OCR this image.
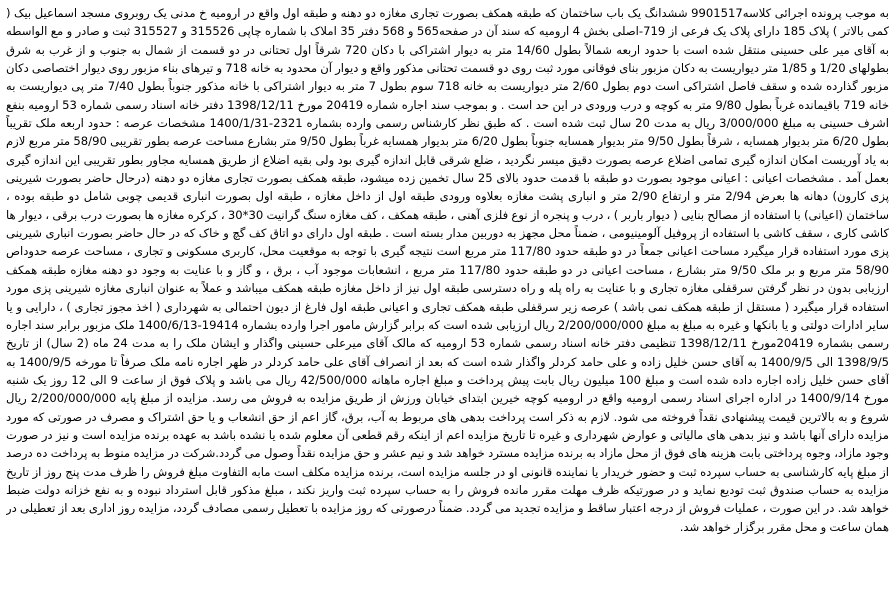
به موجب پرونده اجرائی کلاسه9901517 ششدانگ یک باب ساختمان که طبقه همکف بصورت تجاری مغازه دو دهنه و طبقه اول واقع در ارومیه خ مدنی یک روبروی مسجد اسماعیل بیک ( کمی بالاتر ) پلاک 185 دارای پلاک یک فرعی از 719-اصلی بخش 4 ارومیه که سند آن در صفحه565 و 568 دفتر 35 املاک با شماره چاپی 315526 و 315527 ثبت و صادر و مع الواسطه به آقای میر علی حسینی منتقل شده است با حدود اربعه شمالاً بطول 14/60 متر به دیوار اشتراکی با دکان 720 شرقاً اول تحتانی در دو قسمت از شمال به جنوب و از غرب به شرق بطولهای 1/20 و 1/85 متر دیواریست به دکان مزبور بنای فوقانی مورد ثبت روی دو قسمت تحتانی مذکور واقع و دیوار آن محدود به خانه 718 و تیرهای بناء مزبور روی دیوار اختصاصی دکان مزبور گذارده شده و سقف فاصل اشتراکی است دوم بطول 2/60 متر دیواریست به خانه 718 سوم بطول 7 متر به دیوار اشتراکی با خانه مذکور جنوباً بطول 7/40 متر پی دیواریست به خانه 719 باقیمانده غرباً بطول 9/80 متر به کوچه و درب ورودی در این حد است . و بموجب سند اجاره شماره 20419 مورخ 1398/12/11 دفتر خانه اسناد رسمی شماره 53 ارومیه بنفع اشرف حسینی به مبلغ 3/000/000 ریال به مدت 20 سال ثبت شده است . که طبق نظر کارشناس رسمی وارده بشماره 2321-1400/1/31 مشخصات عرصه : حدود اربعه ملک تقریباً بطول 6/20 متر بدیوار همسایه ، شرقاً بطول 9/50 متر بدیوار همسایه جنوباً بطول 6/20 متر بدیوار همسایه غرباً بطول 9/50 متر بشارع مساحت عرصه بطور تقریبی 58/90 متر مربع لازم به یاد آوریست امکان اندازه گیری تمامی اضلاع عرصه بصورت دقیق میسر نگردید ، ضلع شرقی قابل اندازه گیری بود ولی بقیه اضلاع از طریق همسایه مجاور بطور تقریبی این اندازه گیری بعمل آمد . مشخصات اعیانی : اعیانی موجود بصورت دو طبقه با قدمت حدود بالای 25 سال تخمین زده میشود، طبقه همکف بصورت تجاری مغازه دو دهنه (درحال حاضر بصورت شیرینی پزی کارون) دهانه ها بعرض 2/94 متر و ارتفاع 2/90 متر و انباری پشت مغازه بعلاوه ورودی طبقه اول از داخل مغازه ، طبقه اول بصورت انباری قدیمی چوبی شامل دو طبقه بوده ، ساختمان (اعیانی) با استفاده از مصالح بنایی ( دیوار باربر ) ، درب و پنجره از نوع فلزی آهنی ، طبقه همکف ، کف مغازه سنگ گرانیت 30*30 ، کرکره مغازه ها بصورت درب برقی ، دیوار ها کاشی کاری ، سقف کاشی با استفاده از پروفیل آلومینیومی ، ضمناً محل مجهز به دوربین مدار بسته است . طبقه اول دارای دو اتاق کف گچ و خاک که در حال حاضر بصورت انباری شیرینی پزی مورد استفاده قرار میگیرد مساحت اعیانی جمعاً در دو طبقه حدود 117/80 متر مربع است نتیجه گیری با توجه به موقعیت محل، کاربری مسکونی و تجاری ، مساحت عرصه حدوداص 58/90 متر مربع و بر ملک 9/50 متر بشارع ، مساحت اعیانی در دو طبقه حدود 117/80 متر مربع ، انشعابات موجود آب ، برق ، و گاز و با عنایت به وجود دو دهنه مغازه طبقه همکف ارزیابی بدون در نظر گرفتن سرقفلی مغازه تجاری و با عنایت به راه پله و راه دسترسی طبقه اول نیز از داخل مغازه طبقه همکف میباشد و عملاً به عنوان انباری مغازه شیرینی پزی مورد استفاده قرار میگیرد ( مستقل از طبقه همکف نمی باشد ) عرصه زیر سرقفلی طبقه همکف تجاری و اعیانی طبقه اول فارغ از دیون احتمالی به شهرداری ( اخذ مجوز تجاری ) ، دارایی و یا سایر ادارات دولتی و یا بانکها و غیره به مبلغ به مبلغ 2/200/000/000 ریال ارزیابی شده است که برابر گزارش مامور اجرا وارده بشماره 19414-1400/6/13 ملک مزبور برابر سند اجاره رسمی بشماره 20419مورخ 1398/12/11 تنظیمی دفتر خانه اسناد رسمی شماره 53 ارومیه که مالک آقای میرعلی حسینی واگذار و ایشان ملک را به مدت 24 ماه (2 سال) از تاریخ 1398/9/5 الی 1400/9/5 به آقای حسن خلیل زاده و علی حامد کردلر واگذار شده است که بعد از انصراف آقای علی حامد کردلر در ظهر اجاره نامه ملک صرفاً تا مورخه 1400/9/5 به آقای حسن خلیل زاده اجاره داده شده است و مبلغ 100 میلیون ریال بابت پیش پرداخت و مبلغ اجاره ماهانه 42/500/000 ریال می باشد و پلاک فوق از ساعت 9 الی 12 روز یک شنبه مورخ 1400/9/14 در اداره اجرای اسناد رسمی ارومیه واقع در ارومیه کوچه خیرین ابتدای خیابان ورزش از طریق مزایده به فروش می رسد. مزایده از مبلغ پایه 2/200/000/000 ریال شروع و به بالاترین قیمت پیشنهادی نقداً فروخته می شود. لازم به ذکر است پرداخت بدهی های مربوط به آب، برق، گاز اعم از حق انشعاب و یا حق اشتراک و مصرف در صورتی که مورد مزایده دارای آنها باشد و نیز بدهی های مالیاتی و عوارض شهرداری و غیره تا تاریخ مزایده اعم از اینکه رقم قطعی آن معلوم شده یا نشده باشد به عهده برنده مزایده است و نیز در صورت وجود مازاد، وجوه پرداختی بابت هزینه های فوق از محل مازاد به برنده مزایده مسترد خواهد شد و نیم عشر و حق مزایده نقداً وصول می گردد.شرکت در مزایده منوط به پرداخت ده درصد از مبلغ پایه کارشناسی به حساب سپرده ثبت و حضور خریدار یا نماینده قانونی او در جلسه مزایده است، برنده مزایده مکلف است مابه التفاوت مبلغ فروش را ظرف مدت پنج روز از تاریخ مزایده به حساب صندوق ثبت تودیع نماید و در صورتیکه ظرف مهلت مقرر مانده فروش را به حساب سپرده ثبت واریز نکند ، مبلغ مذکور قابل استرداد نبوده و به نفع خزانه دولت ضبط خواهد شد. در این صورت ، عملیات فروش از درجه اعتبار ساقط و مزایده تجدید می گردد. ضمناً درصورتی که روز مزایده با تعطیل رسمی مصادف گردد، مزایده روز اداری بعد از تعطیلی در همان ساعت و محل مقرر برگزار خواهد شد.
